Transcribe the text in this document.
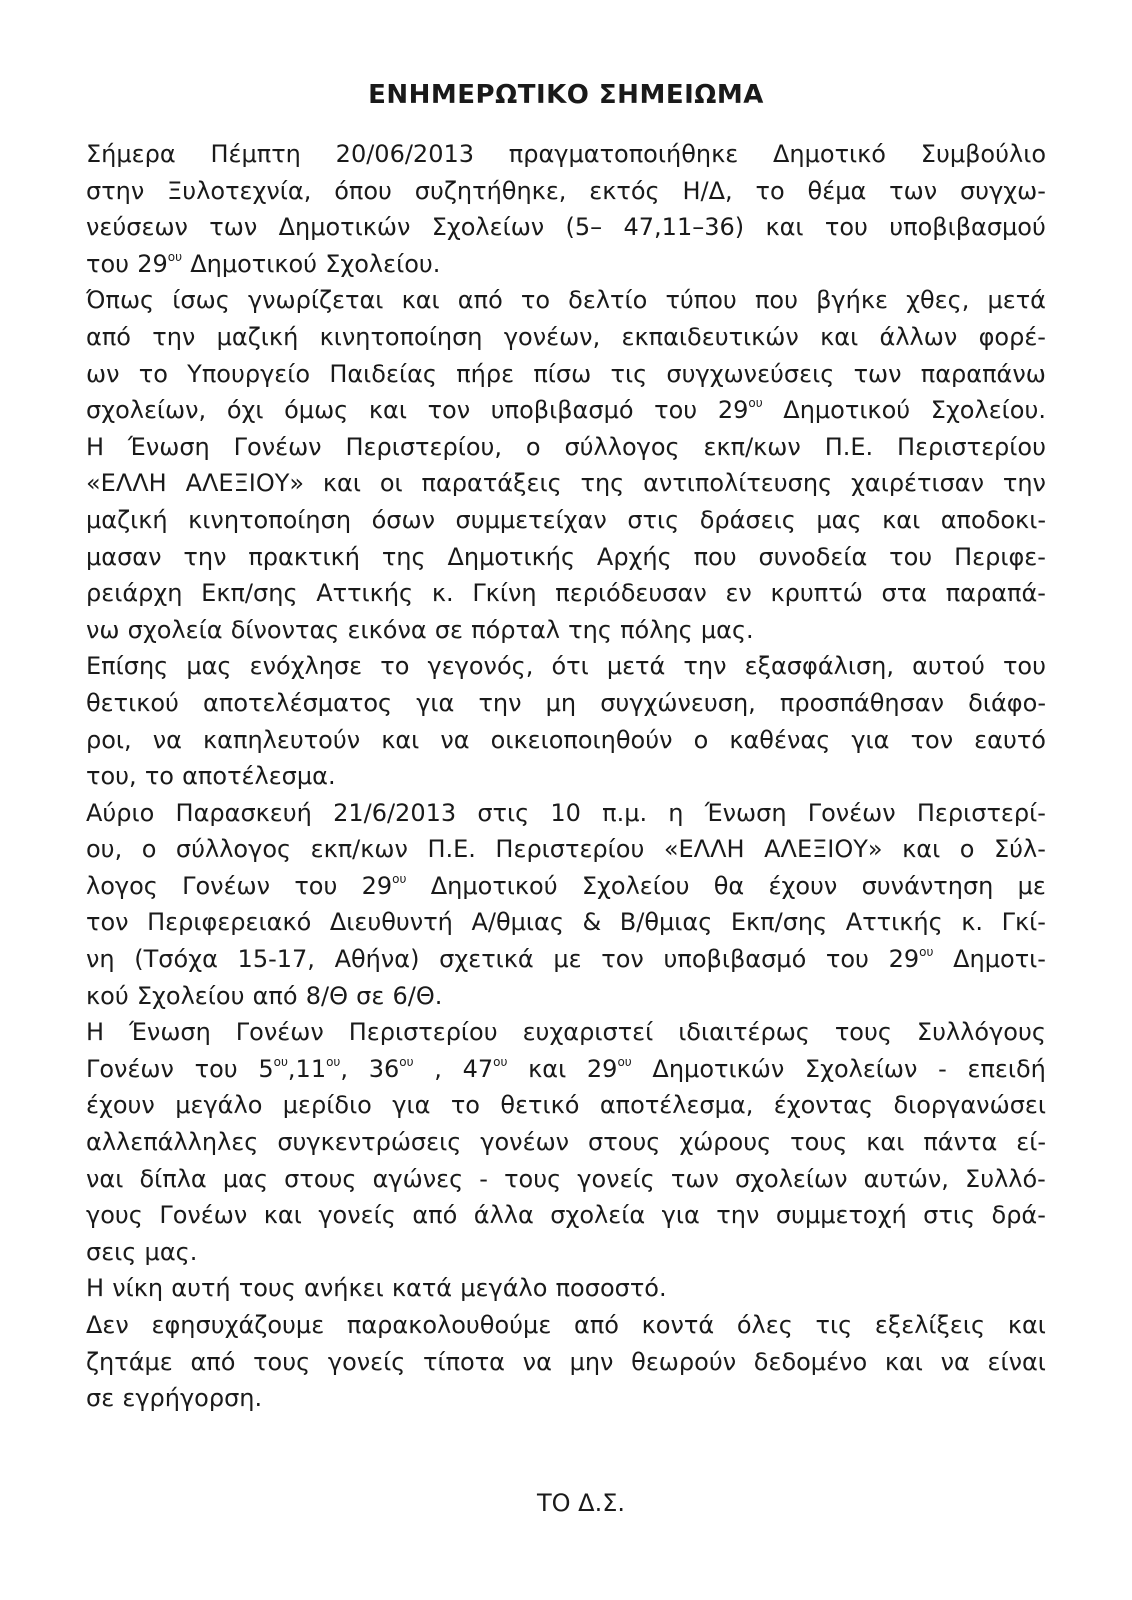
ΕΝΗΜΕΡΩΤΙΚΟ ΣΗΜΕΙΩΜΑ
Σήμερα Πέμπτη 20/06/2013 πραγματοποιήθηκε Δημοτικό Συμβούλιο
στην Ξυλοτεχνία, όπου συζητήθηκε, εκτός Η/Δ, το θέμα των συγχω-
νεύσεων των Δημοτικών Σχολείων (5– 47,11–36) και του υποβιβασμού
του $29^{o\upsilon}$ Δημοτικού Σχολείου.
Όπως ίσως γνωρίζεται και από το δελτίο τύπου που βγήκε χθες, μετά
από την μαζική κινητοποίηση γονέων, εκπαιδευτικών και άλλων φορέ-
ων το Υπουργείο Παιδείας πήρε πίσω τις συγχωνεύσεις των παραπάνω
σχολείων, όχι όμως και τον υποβιβασμό του $29^{o\upsilon}$ Δημοτικού Σχολείου.
Η Ένωση Γονέων Περιστερίου, ο σύλλογος εκπ/κων Π.Ε. Περιστερίου
«ΕΛΛΗ ΑΛΕΞΙΟΥ» και οι παρατάξεις της αντιπολίτευσης χαιρέτισαν την
μαζική κινητοποίηση όσων συμμετείχαν στις δράσεις μας και αποδοκι-
μασαν την πρακτική της Δημοτικής Αρχής που συνοδεία του Περιφε-
ρειάρχη Εκπ/σης Αττικής κ. Γκίνη περιόδευσαν εν κρυπτώ στα παραπά-
νω σχολεία δίνοντας εικόνα σε πόρταλ της πόλης μας.
Επίσης μας ενόχλησε το γεγονός, ότι μετά την εξασφάλιση, αυτού του
θετικού αποτελέσματος για την μη συγχώνευση, προσπάθησαν διάφο-
ροι, να καπηλευτούν και να οικειοποιηθούν ο καθένας για τον εαυτό
του, το αποτέλεσμα.
Αύριο Παρασκευή 21/6/2013 στις 10 π.μ. η Ένωση Γονέων Περιστερί-
ου, ο σύλλογος εκπ/κων Π.Ε. Περιστερίου «ΕΛΛΗ ΑΛΕΞΙΟΥ» και ο Σύλ-
λογος Γονέων του $29^{o\upsilon}$ Δημοτικού Σχολείου θα έχουν συνάντηση με
τον Περιφερειακό Διευθυντή Α/θμιας & Β/θμιας Εκπ/σης Αττικής κ. Γκί-
νη (Τσόχα 15-17, Αθήνα) σχετικά με τον υποβιβασμό του $29^{o\upsilon}$ Δημοτι-
κού Σχολείου από 8/Θ σε 6/Θ.
Η Ένωση Γονέων Περιστερίου ευχαριστεί ιδιαιτέρως τους Συλλόγους
Γονέων του $5^{o\upsilon},11^{o\upsilon}$, $36^{o\upsilon}$ , $47^{o\upsilon}$ και $29^{o\upsilon}$ Δημοτικών Σχολείων - επειδή
έχουν μεγάλο μερίδιο για το θετικό αποτέλεσμα, έχοντας διοργανώσει
αλλεπάλληλες συγκεντρώσεις γονέων στους χώρους τους και πάντα εί-
ναι δίπλα μας στους αγώνες - τους γονείς των σχολείων αυτών, Συλλό-
γους Γονέων και γονείς από άλλα σχολεία για την συμμετοχή στις δρά-
σεις μας.
Η νίκη αυτή τους ανήκει κατά μεγάλο ποσοστό.
Δεν εφησυχάζουμε παρακολουθούμε από κοντά όλες τις εξελίξεις και
ζητάμε από τους γονείς τίποτα να μην θεωρούν δεδομένο και να είναι
σε εγρήγορση.

ΤΟ Δ.Σ.
